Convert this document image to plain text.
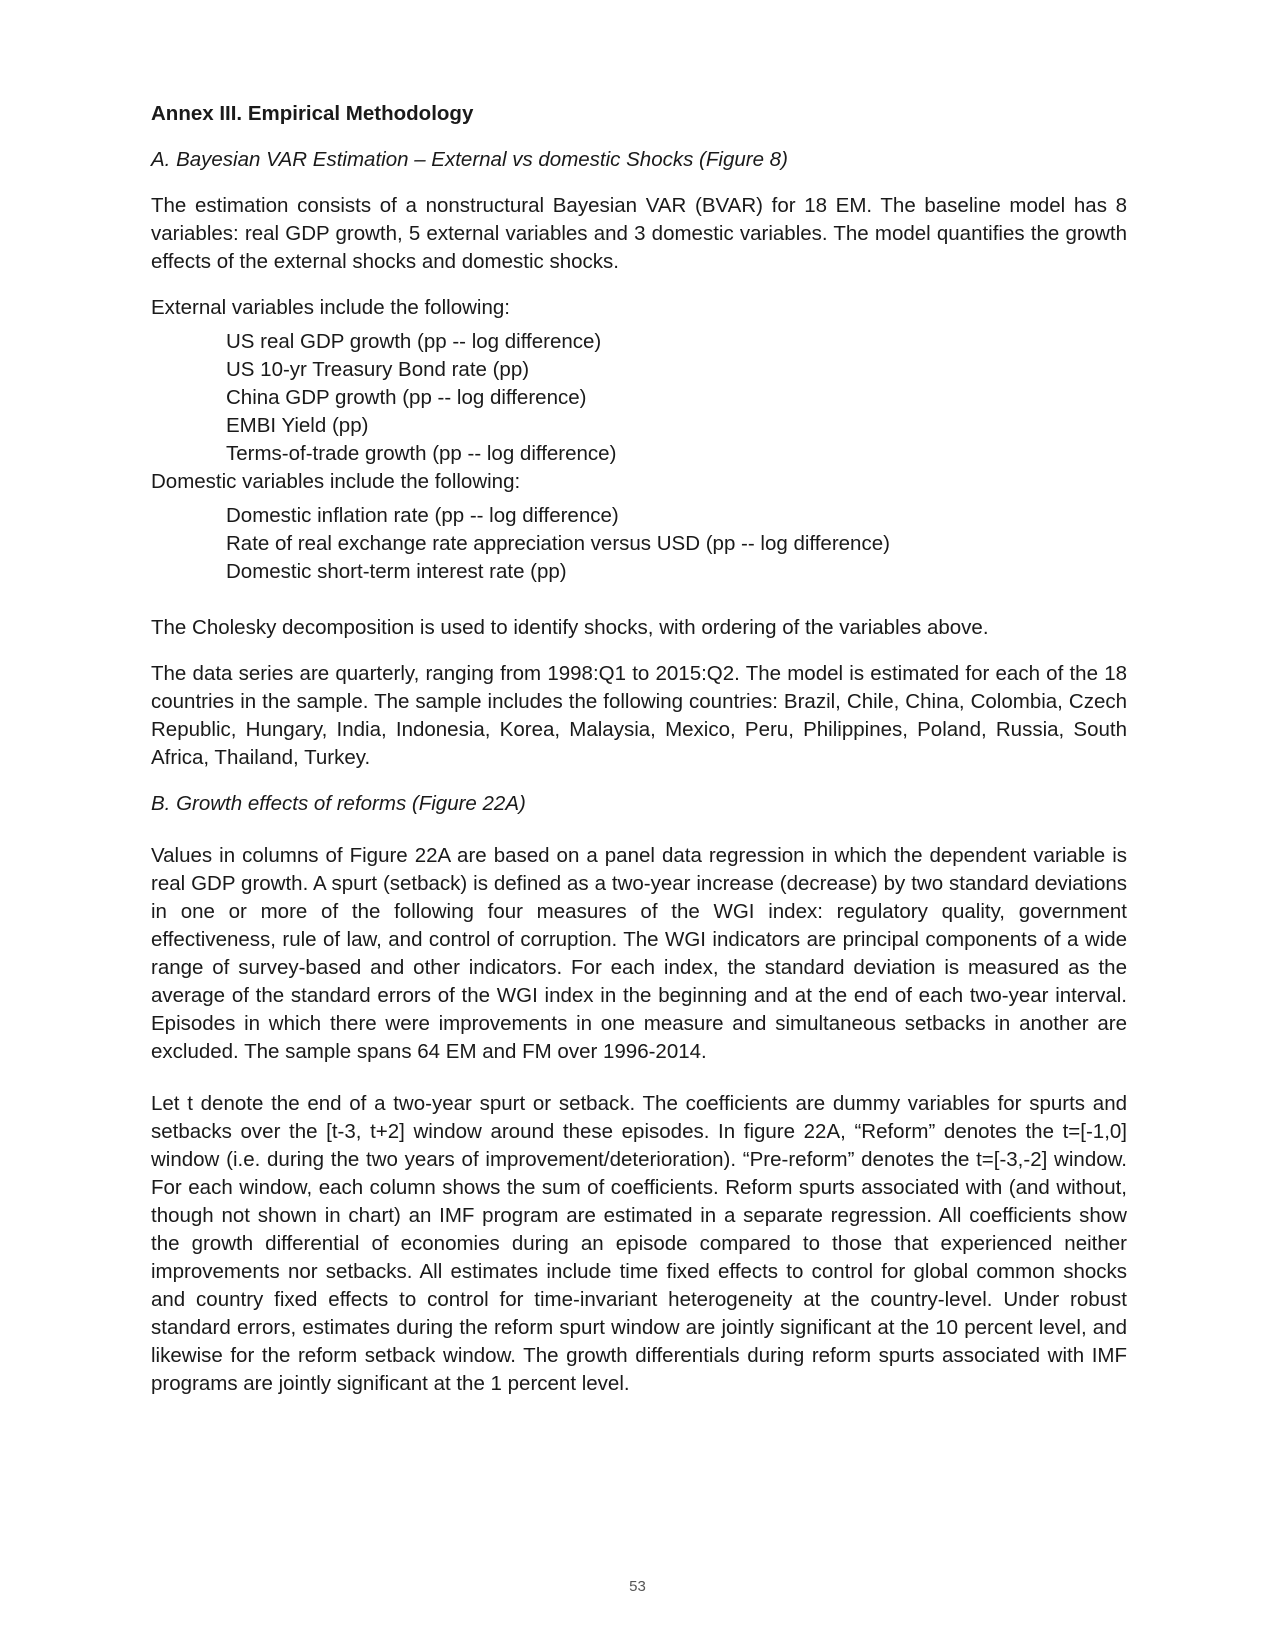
Annex III. Empirical Methodology
A. Bayesian VAR Estimation – External vs domestic Shocks (Figure 8)
The estimation consists of a nonstructural Bayesian VAR (BVAR) for 18 EM. The baseline model has 8 variables: real GDP growth, 5 external variables and 3 domestic variables. The model quantifies the growth effects of the external shocks and domestic shocks.
External variables include the following:
US real GDP growth (pp -- log difference)
US 10-yr Treasury Bond rate (pp)
China GDP growth (pp -- log difference)
EMBI Yield (pp)
Terms-of-trade growth (pp -- log difference)
Domestic variables include the following:
Domestic inflation rate (pp -- log difference)
Rate of real exchange rate appreciation versus USD (pp -- log difference)
Domestic short-term interest rate (pp)
The Cholesky decomposition is used to identify shocks, with ordering of the variables above.
The data series are quarterly, ranging from 1998:Q1 to 2015:Q2. The model is estimated for each of the 18 countries in the sample. The sample includes the following countries: Brazil, Chile, China, Colombia, Czech Republic, Hungary, India, Indonesia, Korea, Malaysia, Mexico, Peru, Philippines, Poland, Russia, South Africa, Thailand, Turkey.
B. Growth effects of reforms (Figure 22A)
Values in columns of Figure 22A are based on a panel data regression in which the dependent variable is real GDP growth. A spurt (setback) is defined as a two-year increase (decrease) by two standard deviations in one or more of the following four measures of the WGI index: regulatory quality, government effectiveness, rule of law, and control of corruption. The WGI indicators are principal components of a wide range of survey-based and other indicators. For each index, the standard deviation is measured as the average of the standard errors of the WGI index in the beginning and at the end of each two-year interval. Episodes in which there were improvements in one measure and simultaneous setbacks in another are excluded. The sample spans 64 EM and FM over 1996-2014.
Let t denote the end of a two-year spurt or setback. The coefficients are dummy variables for spurts and setbacks over the [t-3, t+2] window around these episodes. In figure 22A, “Reform” denotes the t=[-1,0] window (i.e. during the two years of improvement/deterioration). “Pre-reform” denotes the t=[-3,-2] window. For each window, each column shows the sum of coefficients. Reform spurts associated with (and without, though not shown in chart) an IMF program are estimated in a separate regression. All coefficients show the growth differential of economies during an episode compared to those that experienced neither improvements nor setbacks. All estimates include time fixed effects to control for global common shocks and country fixed effects to control for time-invariant heterogeneity at the country-level. Under robust standard errors, estimates during the reform spurt window are jointly significant at the 10 percent level, and likewise for the reform setback window. The growth differentials during reform spurts associated with IMF programs are jointly significant at the 1 percent level.
53
